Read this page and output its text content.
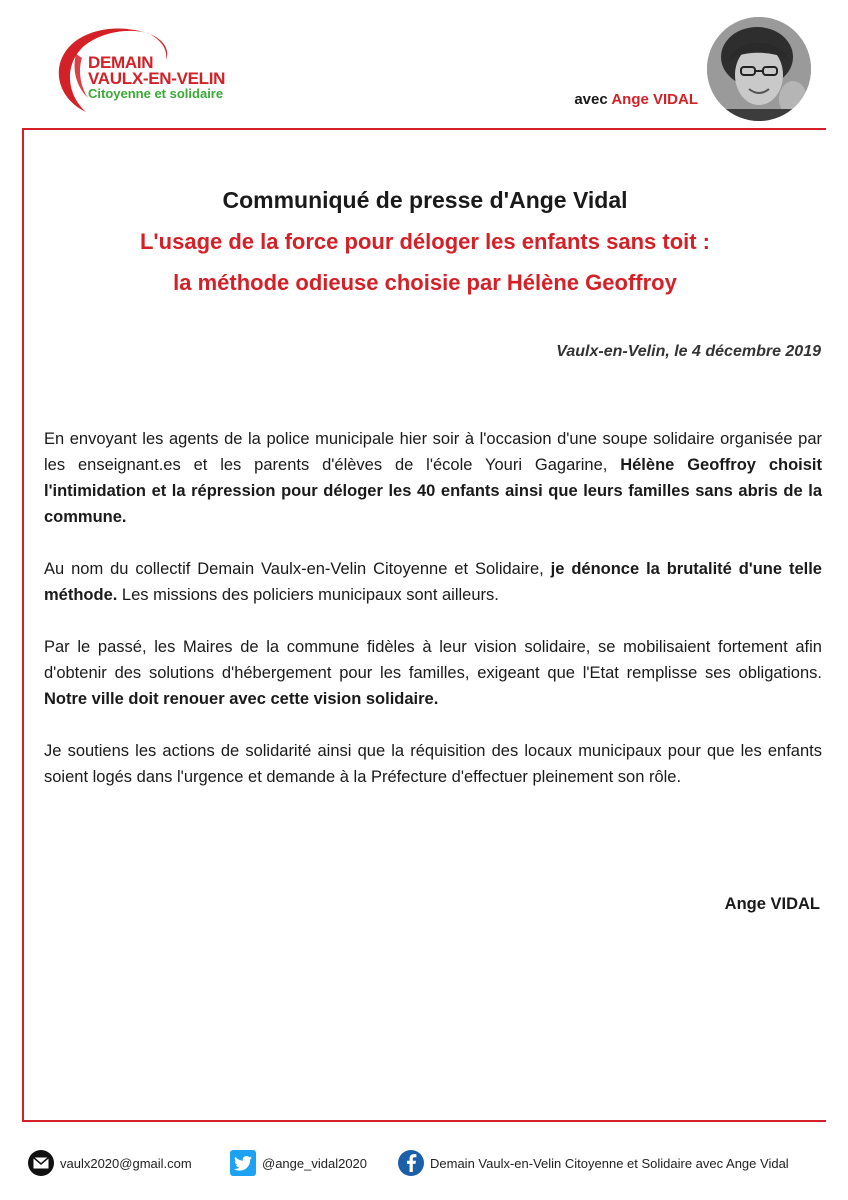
DEMAIN
VAULX-EN-VELIN
Citoyenne et solidaire	avec Ange VIDAL
Communiqué de presse d'Ange Vidal
L'usage de la force pour déloger les enfants sans toit :
la méthode odieuse choisie par Hélène Geoffroy
Vaulx-en-Velin, le 4 décembre 2019

En envoyant les agents de la police municipale hier soir à l'occasion d'une soupe solidaire organisée par les enseignant.es et les parents d'élèves de l'école Youri Gagarine, Hélène Geoffroy choisit l'intimidation et la répression pour déloger les 40 enfants ainsi que leurs familles sans abris de la commune.

Au nom du collectif Demain Vaulx-en-Velin Citoyenne et Solidaire, je dénonce la brutalité d'une telle méthode. Les missions des policiers municipaux sont ailleurs.

Par le passé, les Maires de la commune fidèles à leur vision solidaire, se mobilisaient fortement afin d'obtenir des solutions d'hébergement pour les familles, exigeant que l'Etat remplisse ses obligations. Notre ville doit renouer avec cette vision solidaire.

Je soutiens les actions de solidarité ainsi que la réquisition des locaux municipaux pour que les enfants soient logés dans l'urgence et demande à la Préfecture d'effectuer pleinement son rôle.

Ange VIDAL
vaulx2020@gmail.com	@ange_vidal2020	Demain Vaulx-en-Velin Citoyenne et Solidaire avec Ange Vidal
